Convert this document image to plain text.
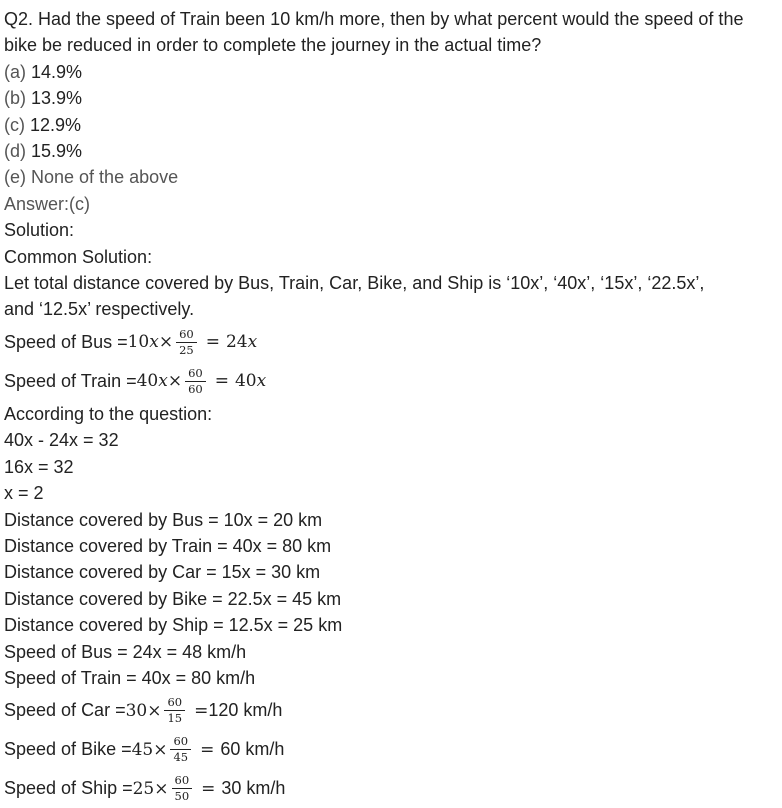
Q2. Had the speed of Train been 10 km/h more, then by what percent would the speed of the bike be reduced in order to complete the journey in the actual time?
(a) 14.9%
(b) 13.9%
(c) 12.9%
(d) 15.9%
(e) None of the above
Answer:(c)
Solution:
Common Solution:
Let total distance covered by Bus, Train, Car, Bike, and Ship is ‘10x’, ‘40x’, ‘15x’, ‘22.5x’,
and ‘12.5x’ respectively.
Speed of Bus = 10 $x \times \frac{60}{25} = 24$ x
Speed of Train = 40 $x \times \frac{60}{60} = 40$ x
According to the question:
40x - 24x = 32
16x = 32
x = 2
Distance covered by Bus = 10x = 20 km
Distance covered by Train = 40x = 80 km
Distance covered by Car = 15x = 30 km
Distance covered by Bike = 22.5x = 45 km
Distance covered by Ship = 12.5x = 25 km
Speed of Bus = 24x = 48 km/h
Speed of Train = 40x = 80 km/h
Speed of Car = $30 \times \frac{60}{15} = 120$ km/h
Speed of Bike = $45 \times \frac{60}{45} = 60$ km/h
Speed of Ship = $25 \times \frac{60}{50} = 30$ km/h
